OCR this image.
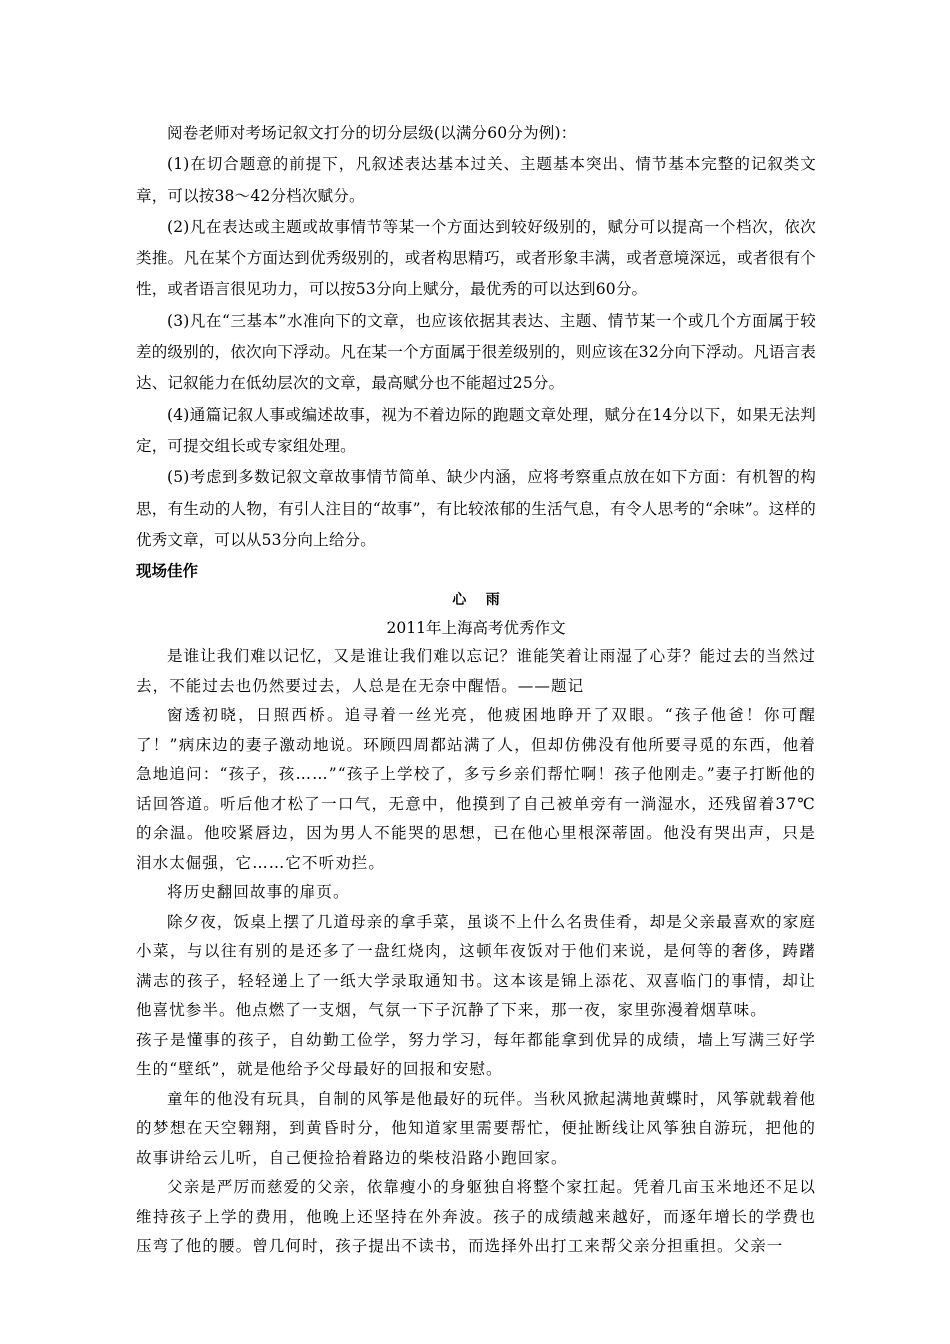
阅卷老师对考场记叙文打分的切分层级(以满分60分为例)：

(1)在切合题意的前提下，凡叙述表达基本过关、主题基本突出、情节基本完整的记叙类文章，可以按38～42分档次赋分。

(2)凡在表达或主题或故事情节等某一个方面达到较好级别的，赋分可以提高一个档次，依次类推。凡在某个方面达到优秀级别的，或者构思精巧，或者形象丰满，或者意境深远，或者很有个性，或者语言很见功力，可以按53分向上赋分，最优秀的可以达到60分。

(3)凡在“三基本”水准向下的文章，也应该依据其表达、主题、情节某一个或几个方面属于较差的级别的，依次向下浮动。凡在某一个方面属于很差级别的，则应该在32分向下浮动。凡语言表达、记叙能力在低幼层次的文章，最高赋分也不能超过25分。

(4)通篇记叙人事或编述故事，视为不着边际的跑题文章处理，赋分在14分以下，如果无法判定，可提交组长或专家组处理。

(5)考虑到多数记叙文章故事情节简单、缺少内涵，应将考察重点放在如下方面：有机智的构思，有生动的人物，有引人注目的“故事”，有比较浓郁的生活气息，有令人思考的“余味”。这样的优秀文章，可以从53分向上给分。

现场佳作
心雨
2011年上海高考优秀作文

是谁让我们难以记忆，又是谁让我们难以忘记？谁能笑着让雨湿了心芽？能过去的当然过去，不能过去也仍然要过去，人总是在无奈中醒悟。——题记

窗透初晓，日照西桥。追寻着一丝光亮，他疲困地睁开了双眼。“孩子他爸！你可醒了！”病床边的妻子激动地说。环顾四周都站满了人，但却仿佛没有他所要寻觅的东西，他着急地追问：“孩子，孩……”“孩子上学校了，多亏乡亲们帮忙啊！孩子他刚走。”妻子打断他的话回答道。听后他才松了一口气，无意中，他摸到了自己被单旁有一淌湿水，还残留着37℃的余温。他咬紧唇边，因为男人不能哭的思想，已在他心里根深蒂固。他没有哭出声，只是泪水太倔强，它……它不听劝拦。

将历史翻回故事的扉页。

除夕夜，饭桌上摆了几道母亲的拿手菜，虽谈不上什么名贵佳肴，却是父亲最喜欢的家庭小菜，与以往有别的是还多了一盘红烧肉，这顿年夜饭对于他们来说，是何等的奢侈，踌躇满志的孩子，轻轻递上了一纸大学录取通知书。这本该是锦上添花、双喜临门的事情，却让他喜忧参半。他点燃了一支烟，气氛一下子沉静了下来，那一夜，家里弥漫着烟草味。

孩子是懂事的孩子，自幼勤工俭学，努力学习，每年都能拿到优异的成绩，墙上写满三好学生的“壁纸”，就是他给予父母最好的回报和安慰。

童年的他没有玩具，自制的风筝是他最好的玩伴。当秋风掀起满地黄蝶时，风筝就载着他的梦想在天空翱翔，到黄昏时分，他知道家里需要帮忙，便扯断线让风筝独自游玩，把他的故事讲给云儿听，自己便捡拾着路边的柴枝沿路小跑回家。

父亲是严厉而慈爱的父亲，依靠瘦小的身躯独自将整个家扛起。凭着几亩玉米地还不足以维持孩子上学的费用，他晚上还坚持在外奔波。孩子的成绩越来越好，而逐年增长的学费也压弯了他的腰。曾几何时，孩子提出不读书，而选择外出打工来帮父亲分担重担。父亲一
